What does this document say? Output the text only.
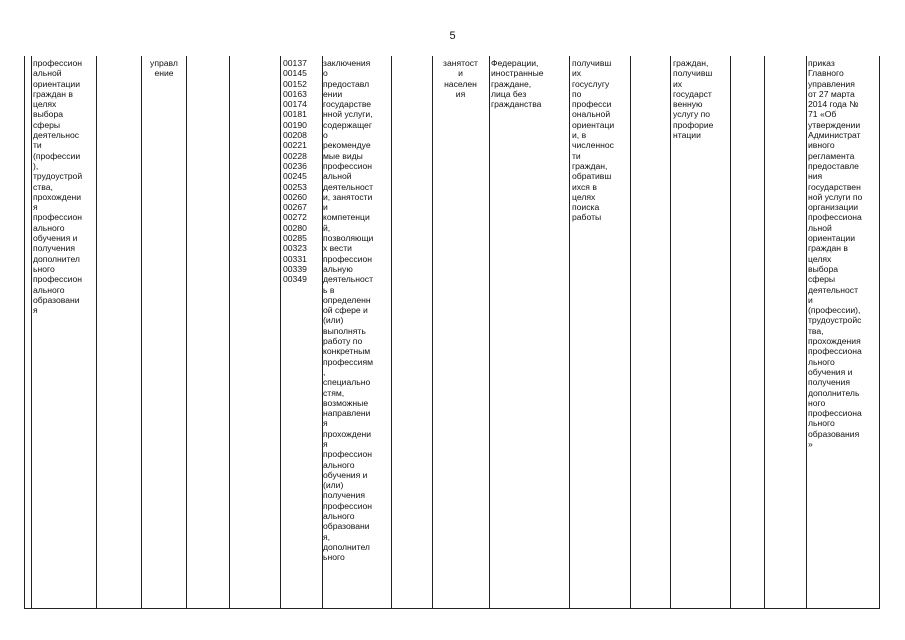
5
профессион
альной
ориентации
граждан в
целях
выбора
сферы
деятельнос
ти
(профессии
),
трудоустрой
ства,
прохождени
я
профессион
ального
обучения и
получения
дополнител
ьного
профессион
ального
образовани
я
управл
ение
00137
00145
00152
00163
00174
00181
00190
00208
00221
00228
00236
00245
00253
00260
00267
00272
00280
00285
00323
00331
00339
00349
заключения
о
предоставл
ении
государстве
нной услуги,
содержащег
о
рекомендуе
мые виды
профессион
альной
деятельност
и, занятости
и
компетенци
й,
позволяющи
х вести
профессион
альную
деятельност
ь в
определенн
ой сфере и
(или)
выполнять
работу по
конкретным
профессиям
,
специально
стям,
возможные
направлени
я
прохождени
я
профессион
ального
обучения и
(или)
получения
профессион
ального
образовани
я,
дополнител
ьного
занятост
и
населен
ия
Федерации,
иностранные
граждане,
лица без
гражданства
получивш
их
госуслугу
по
професси
ональной
ориентаци
и, в
численнос
ти
граждан,
обративш
ихся в
целях
поиска
работы
граждан,
получивш
их
государст
венную
услугу по
профорие
нтации
приказ
Главного
управления
от 27 марта
2014 года №
71 «Об
утверждении
Администрат
ивного
регламента
предоставле
ния
государствен
ной услуги по
организации
профессиона
льной
ориентации
граждан в
целях
выбора
сферы
деятельност
и
(профессии),
трудоустройс
тва,
прохождения
профессиона
льного
обучения и
получения
дополнитель
ного
профессиона
льного
образования
»
